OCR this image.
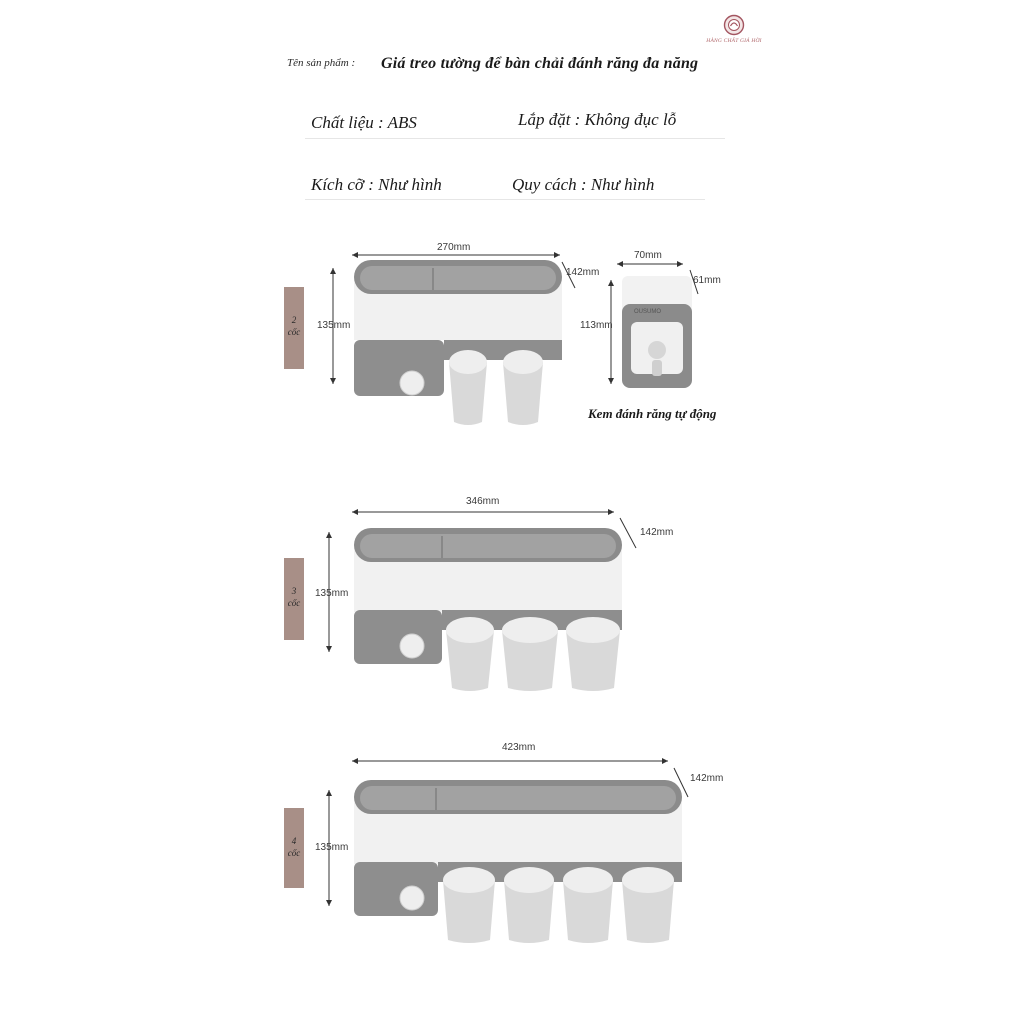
HÀNG CHẤT GIÁ HỜI
Tên sản phẩm : Giá treo tường để bàn chải đánh răng đa năng
Chất liệu : ABS	Lắp đặt : Không đục lỗ
Kích cỡ : Như hình	Quy cách : Như hình
2
cốc
270mm
142mm
135mm
70mm
61mm
113mm
OUSUMO
Kem đánh răng tự động
3
cốc
346mm
142mm
135mm
4
cốc
423mm
142mm
135mm
